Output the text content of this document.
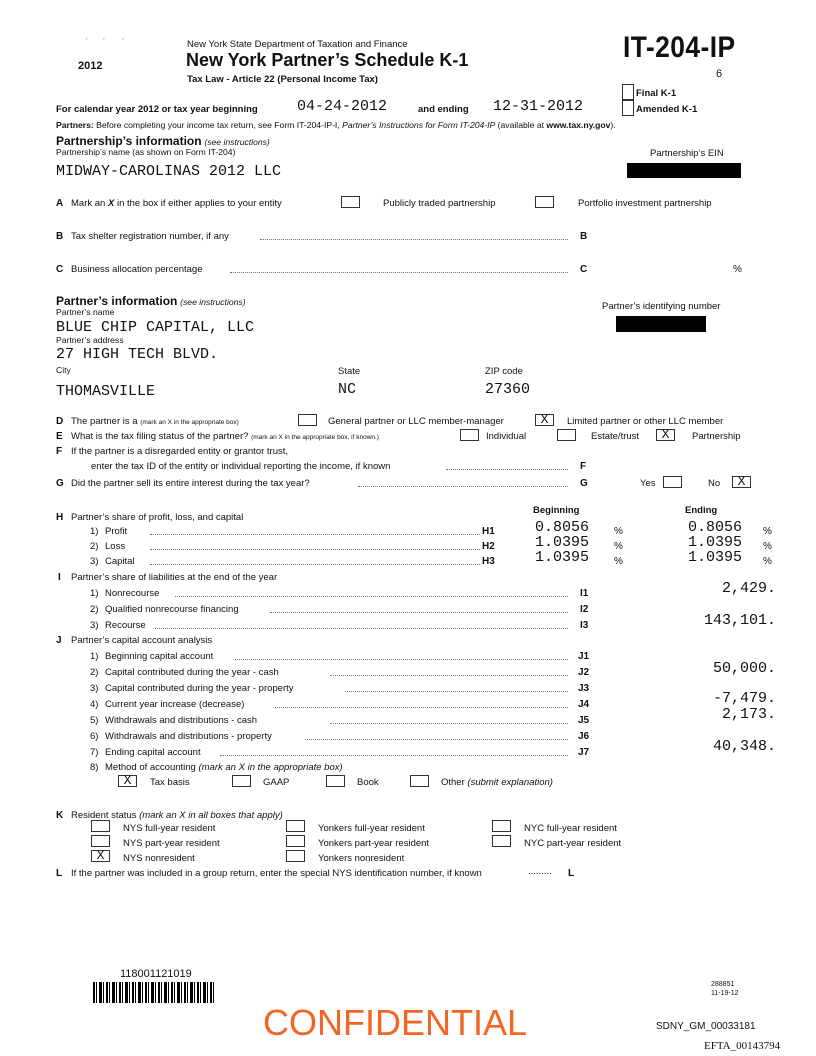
'       '        '
2012
New York State Department of Taxation and Finance
New York Partner’s Schedule K-1
Tax Law - Article 22 (Personal Income Tax)
IT-204-IP
6
Final K-1
Amended K-1
For calendar year 2012 or tax year beginning	04-24-2012	and ending 12-31-2012
Partners: Before completing your income tax return, see Form IT-204-IP-I, Partner’s Instructions for Form IT-204-IP (available at www.tax.ny.gov).
Partnership’s information (see instructions)
Partnership’s name (as shown on Form IT-204)
MIDWAY-CAROLINAS 2012 LLC
Partnership’s EIN
A Mark an X in the box if either applies to your entity	Publicly traded partnership	Portfolio investment partnership
B Tax shelter registration number, if any	B
C Business allocation percentage	C	%
Partner’s information (see instructions)
Partner’s name
BLUE CHIP CAPITAL, LLC
Partner’s identifying number
Partner’s address
27 HIGH TECH BLVD.
City
THOMASVILLE
State
NC
ZIP code
27360
D The partner is a (mark an X in the appropriate box)	General partner or LLC member-manager	X	Limited partner or other LLC member
E What is the tax filing status of the partner? (mark an X in the appropriate box, if known.)	Individual	Estate/trust	X	Partnership
F If the partner is a disregarded entity or grantor trust,
enter the tax ID of the entity or individual reporting the income, if known	F
G Did the partner sell its entire interest during the tax year?	G	Yes	No	X
H Partner’s share of profit, loss, and capital
Beginning	Ending
1) Profit	H1	0.8056 %	0.8056 %
2) Loss	H2	1.0395 %	1.0395 %
3) Capital	H3	1.0395 %	1.0395 %
I Partner’s share of liabilities at the end of the year
1) Nonrecourse	I1	2,429.
2) Qualified nonrecourse financing	I2
3) Recourse	I3	143,101.
J Partner’s capital account analysis
1) Beginning capital account	J1
2) Capital contributed during the year - cash	J2	50,000.
3) Capital contributed during the year - property	J3
4) Current year increase (decrease)	J4	-7,479.
5) Withdrawals and distributions - cash	J5	2,173.
6) Withdrawals and distributions - property	J6
7) Ending capital account	J7	40,348.
8) Method of accounting (mark an X in the appropriate box)
X	Tax basis	GAAP	Book	Other (submit explanation)
K Resident status (mark an X in all boxes that apply)
NYS full-year resident
NYS part-year resident
X	NYS nonresident
Yonkers full-year resident
Yonkers part-year resident
Yonkers nonresident
NYC full-year resident
NYC part-year resident
L If the partner was included in a group return, enter the special NYS identification number, if known	......... L
118001121019
288851
11-19-12
CONFIDENTIAL	SDNY_GM_00033181
EFTA_00143794
